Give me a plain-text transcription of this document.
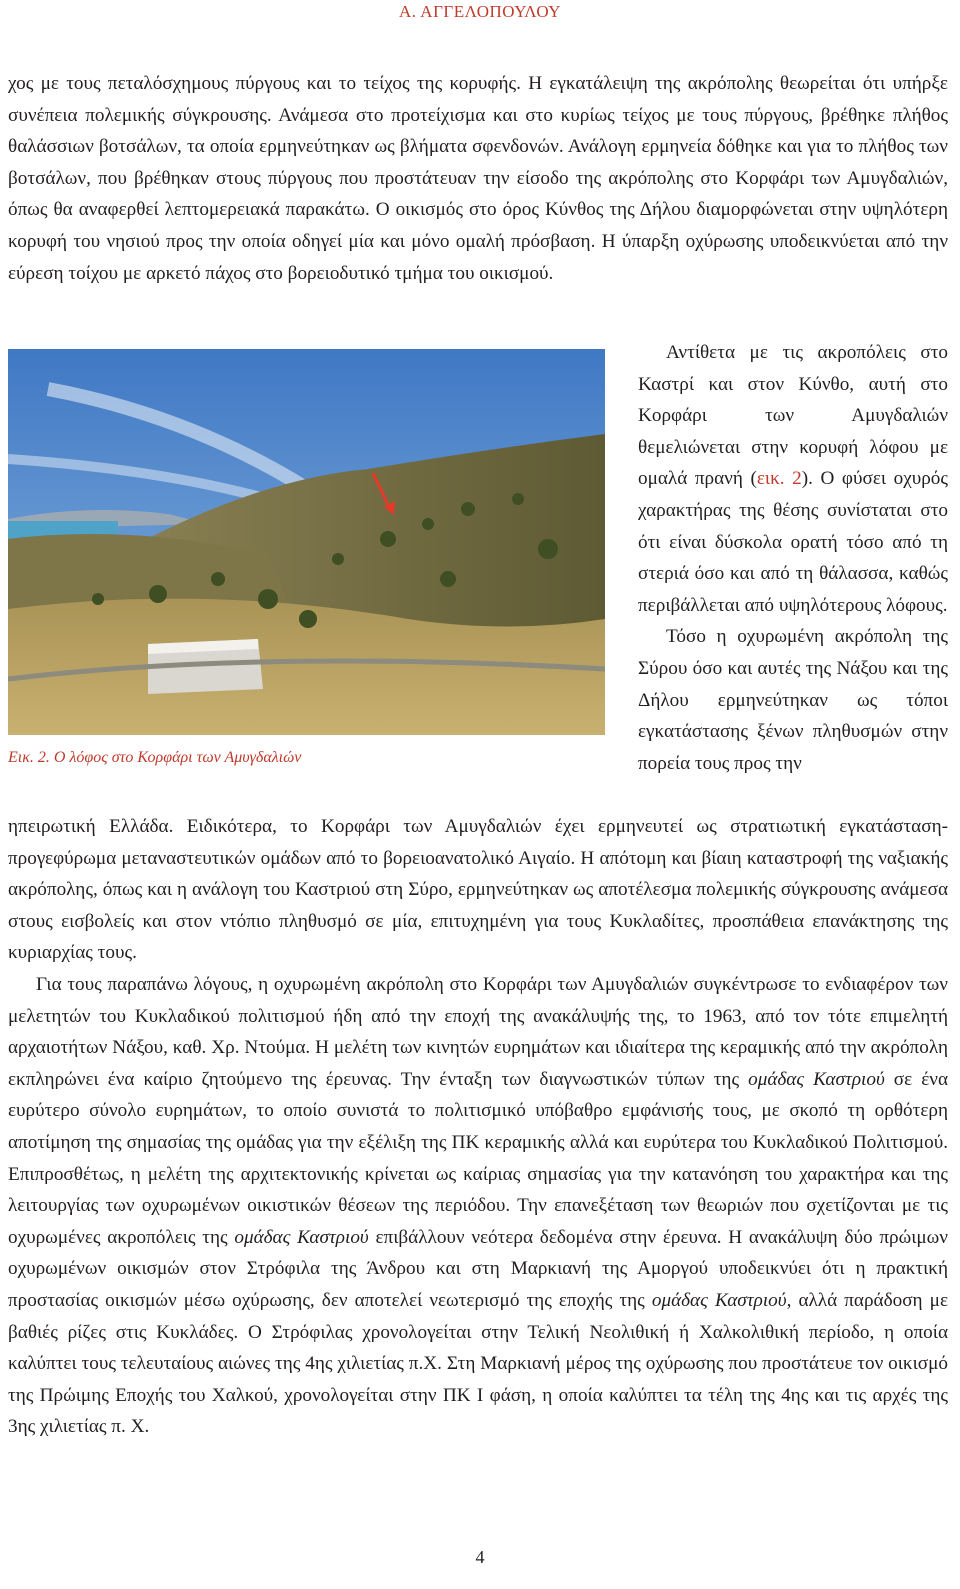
Α. ΑΓΓΕΛΟΠΟΥΛΟΥ

χος με τους πεταλόσχημους πύργους και το τείχος της κορυφής. Η εγκατάλειψη της ακρόπολης θεωρείται ότι υπήρξε συνέπεια πολεμικής σύγκρουσης. Ανάμεσα στο προτείχισμα και στο κυρίως τείχος με τους πύργους, βρέθηκε πλήθος θαλάσσιων βοτσάλων, τα οποία ερμηνεύτηκαν ως βλήματα σφενδονών. Ανάλογη ερμηνεία δόθηκε και για το πλήθος των βοτσάλων, που βρέθηκαν στους πύργους που προστάτευαν την είσοδο της ακρόπολης στο Κορφάρι των Αμυγδαλιών, όπως θα αναφερθεί λεπτομερειακά παρακάτω. Ο οικισμός στο όρος Κύνθος της Δήλου διαμορφώνεται στην υψηλότερη κορυφή του νησιού προς την οποία οδηγεί μία και μόνο ομαλή πρόσβαση. Η ύπαρξη οχύρωσης υποδεικνύεται από την εύρεση τοίχου με αρκετό πάχος στο βορειοδυτικό τμήμα του οικισμού.

Αντίθετα με τις ακροπόλεις στο Καστρί και στον Κύνθο, αυτή στο Κορφάρι των Αμυγδαλιών θεμελιώνεται στην κορυφή λόφου με ομαλά πρανή (εικ. 2). Ο φύσει οχυρός χαρακτήρας της θέσης συνίσταται στο ότι είναι δύσκολα ορατή τόσο από τη στεριά όσο και από τη θάλασσα, καθώς περιβάλλεται από υψηλότερους λόφους.

Τόσο η οχυρωμένη ακρόπολη της Σύρου όσο και αυτές της Νάξου και της Δήλου ερμηνεύτηκαν ως τόποι εγκατάστασης ξένων πληθυσμών στην πορεία τους προς την

Εικ. 2. Ο λόφος στο Κορφάρι των Αμυγδαλιών

ηπειρωτική Ελλάδα. Ειδικότερα, το Κορφάρι των Αμυγδαλιών έχει ερμηνευτεί ως στρατιωτική εγκατάσταση-προγεφύρωμα μεταναστευτικών ομάδων από το βορειοανατολικό Αιγαίο. Η απότομη και βίαιη καταστροφή της ναξιακής ακρόπολης, όπως και η ανάλογη του Καστριού στη Σύρο, ερμηνεύτηκαν ως αποτέλεσμα πολεμικής σύγκρουσης ανάμεσα στους εισβολείς και στον ντόπιο πληθυσμό σε μία, επιτυχημένη για τους Κυκλαδίτες, προσπάθεια επανάκτησης της κυριαρχίας τους.

Για τους παραπάνω λόγους, η οχυρωμένη ακρόπολη στο Κορφάρι των Αμυγδαλιών συγκέντρωσε το ενδιαφέρον των μελετητών του Κυκλαδικού πολιτισμού ήδη από την εποχή της ανακάλυψής της, το 1963, από τον τότε επιμελητή αρχαιοτήτων Νάξου, καθ. Χρ. Ντούμα. Η μελέτη των κινητών ευρημάτων και ιδιαίτερα της κεραμικής από την ακρόπολη εκπληρώνει ένα καίριο ζητούμενο της έρευνας. Την ένταξη των διαγνωστικών τύπων της ομάδας Καστριού σε ένα ευρύτερο σύνολο ευρημάτων, το οποίο συνιστά το πολιτισμικό υπόβαθρο εμφάνισής τους, με σκοπό τη ορθότερη αποτίμηση της σημασίας της ομάδας για την εξέλιξη της ΠΚ κεραμικής αλλά και ευρύτερα του Κυκλαδικού Πολιτισμού. Επιπροσθέτως, η μελέτη της αρχιτεκτονικής κρίνεται ως καίριας σημασίας για την κατανόηση του χαρακτήρα και της λειτουργίας των οχυρωμένων οικιστικών θέσεων της περιόδου. Την επανεξέταση των θεωριών που σχετίζονται με τις οχυρωμένες ακροπόλεις της ομάδας Καστριού επιβάλλουν νεότερα δεδομένα στην έρευνα. Η ανακάλυψη δύο πρώιμων οχυρωμένων οικισμών στον Στρόφιλα της Άνδρου και στη Μαρκιανή της Αμοργού υποδεικνύει ότι η πρακτική προστασίας οικισμών μέσω οχύρωσης, δεν αποτελεί νεωτερισμό της εποχής της ομάδας Καστριού, αλλά παράδοση με βαθιές ρίζες στις Κυκλάδες. Ο Στρόφιλας χρονολογείται στην Τελική Νεολιθική ή Χαλκολιθική περίοδο, η οποία καλύπτει τους τελευταίους αιώνες της 4ης χιλιετίας π.Χ. Στη Μαρκιανή μέρος της οχύρωσης που προστάτευε τον οικισμό της Πρώιμης Εποχής του Χαλκού, χρονολογείται στην ΠΚ Ι φάση, η οποία καλύπτει τα τέλη της 4ης και τις αρχές της 3ης χιλιετίας π. Χ.

4
